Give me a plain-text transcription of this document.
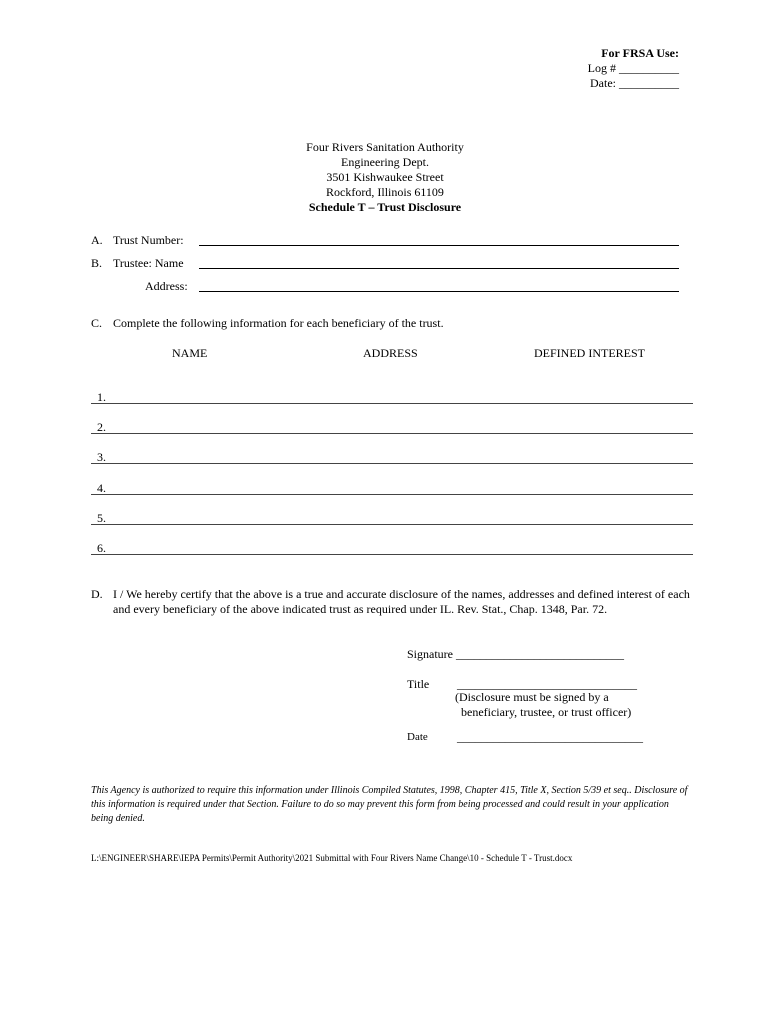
For FRSA Use:
Log # __________
Date: __________
Four Rivers Sanitation Authority
Engineering Dept.
3501 Kishwaukee Street
Rockford, Illinois 61109
Schedule T – Trust Disclosure
A. Trust Number:
B. Trustee: Name
Address:
C. Complete the following information for each beneficiary of the trust.
NAME	ADDRESS	DEFINED INTEREST
1.
2.
3.
4.
5.
6.
D. I / We hereby certify that the above is a true and accurate disclosure of the names, addresses and defined interest of each and every beneficiary of the above indicated trust as required under IL. Rev. Stat., Chap. 1348, Par. 72.
Signature ____________________________
Title ______________________________
(Disclosure must be signed by a
beneficiary, trustee, or trust officer)
Date _______________________________
This Agency is authorized to require this information under Illinois Compiled Statutes, 1998, Chapter 415, Title X, Section 5/39 et seq.. Disclosure of this information is required under that Section. Failure to do so may prevent this form from being processed and could result in your application being denied.
L:\ENGINEER\SHARE\IEPA Permits\Permit Authority\2021 Submittal with Four Rivers Name Change\10 - Schedule T - Trust.docx
